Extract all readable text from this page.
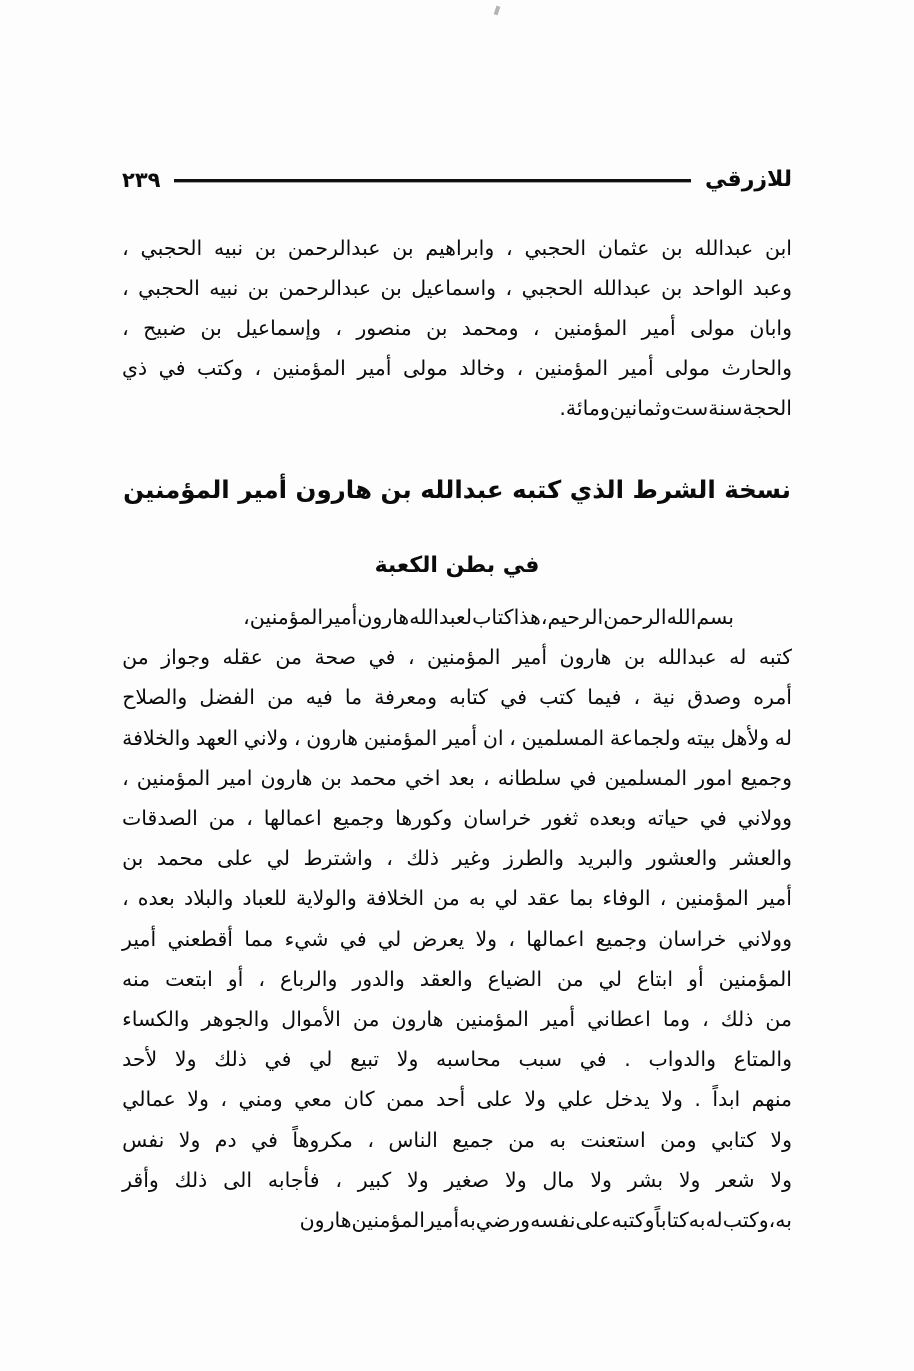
للازرقي
٢٣٩
ابن
عبدالله
بن
عثمان
الحجبي
،
وابراهيم
بن
عبدالرحمن
بن
نبيه
الحجبي
،
وعبد
الواحد
بن
عبدالله
الحجبي
،
واسماعيل
بن
عبدالرحمن
بن
نبيه
الحجبي
،
وابان
مولى
أمير
المؤمنين
،
ومحمد
بن
منصور
،
وإسماعيل
بن
ضبيح
،
والحارث
مولى
أمير
المؤمنين
،
وخالد
مولى
أمير
المؤمنين
،
وكتب
في
ذي
الحجة
سنة
ست
وثمانين
ومائة
.
نسخة الشرط الذي كتبه عبدالله بن هارون أمير المؤمنين
في بطن الكعبة
بسم
الله
الرحمن
الرحيم
،
هذا
كتاب
لعبد
الله
هارون
أمير
المؤمنين
،
كتبه
له
عبدالله
بن
هارون
أمير
المؤمنين
،
في
صحة
من
عقله
وجواز
من
أمره
وصدق
نية
،
فيما
كتب
في
كتابه
ومعرفة
ما
فيه
من
الفضل
والصلاح
له
ولأهل
بيته
ولجماعة
المسلمين
،
ان
أمير
المؤمنين
هارون
،
ولاني
العهد
والخلافة
وجميع
امور
المسلمين
في
سلطانه
،
بعد
اخي
محمد
بن
هارون
امير
المؤمنين
،
وولاني
في
حياته
وبعده
ثغور
خراسان
وكورها
وجميع
اعمالها
،
من
الصدقات
والعشر
والعشور
والبريد
والطرز
وغير
ذلك
،
واشترط
لي
على
محمد
بن
أمير
المؤمنين
،
الوفاء
بما
عقد
لي
به
من
الخلافة
والولاية
للعباد
والبلاد
بعده
،
وولاني
خراسان
وجميع
اعمالها
،
ولا
يعرض
لي
في
شيء
مما
أقطعني
أمير
المؤمنين
أو
ابتاع
لي
من
الضياع
والعقد
والدور
والرباع
،
أو
ابتعت
منه
من
ذلك
،
وما
اعطاني
أمير
المؤمنين
هارون
من
الأموال
والجوهر
والكساء
والمتاع
والدواب
.
في
سبب
محاسبه
ولا
تبيع
لي
في
ذلك
ولا
لأحد
منهم
ابداً
.
ولا
يدخل
علي
ولا
على
أحد
ممن
كان
معي
ومني
،
ولا
عمالي
ولا
كتابي
ومن
استعنت
به
من
جميع
الناس
،
مكروهاً
في
دم
ولا
نفس
ولا
شعر
ولا
بشر
ولا
مال
ولا
صغير
ولا
كبير
،
فأجابه
الى
ذلك
وأقر
به
،
وكتب
له
به
كتاباً
وكتبه
على
نفسه
ورضي
به
أمير
المؤمنين
هارون
